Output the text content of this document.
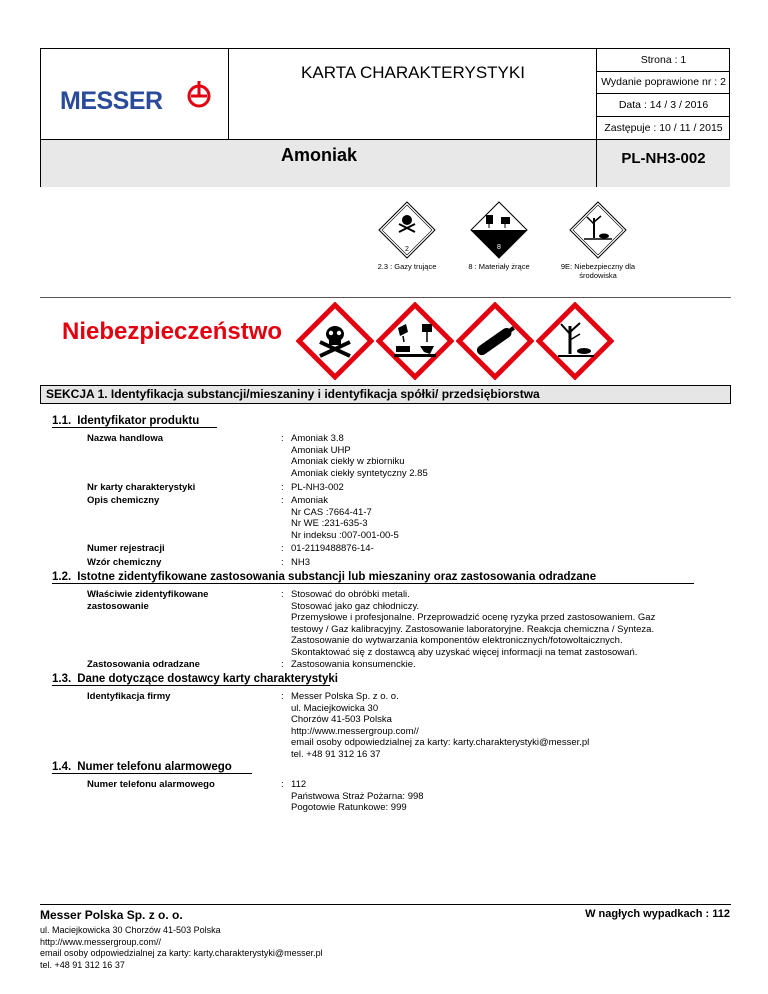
Strona : 1
Wydanie poprawione nr : 2
Data : 14 / 3 / 2016
Zastępuje : 10 / 11 / 2015
MESSER
KARTA CHARAKTERYSTYKI
Amoniak	PL-NH3-002
2
2.3 : Gazy trujące
8
8 : Materiały żrące	9E: Niebezpieczny dla środowiska
Niebezpieczeństwo
SEKCJA 1. Identyfikacja substancji/mieszaniny i identyfikacja spółki/ przedsiębiorstwa
1.1. Identyfikator produktu
Nazwa handlowa	: Amoniak 3.8
Amoniak UHP
Amoniak ciekły w zbiorniku
Amoniak ciekły syntetyczny 2.85
Nr karty charakterystyki	: PL-NH3-002
Opis chemiczny	: Amoniak
Nr CAS :7664-41-7
Nr WE :231-635-3
Nr indeksu :007-001-00-5
Numer rejestracji	: 01-2119488876-14-
Wzór chemiczny	: NH3
1.2. Istotne zidentyfikowane zastosowania substancji lub mieszaniny oraz zastosowania odradzane
Właściwie zidentyfikowane
zastosowanie
: Stosować do obróbki metali.
Stosować jako gaz chłodniczy.
Przemysłowe i profesjonalne. Przeprowadzić ocenę ryzyka przed zastosowaniem. Gaz
testowy / Gaz kalibracyjny. Zastosowanie laboratoryjne. Reakcja chemiczna / Synteza.
Zastosowanie do wytwarzania komponentów elektronicznych/fotowoltaicznych.
Skontaktować się z dostawcą aby uzyskać więcej informacji na temat zastosowań.
Zastosowania odradzane	: Zastosowania konsumenckie.
1.3. Dane dotyczące dostawcy karty charakterystyki
Identyfikacja firmy	: Messer Polska Sp. z o. o.
ul. Maciejkowicka 30
Chorzów 41-503 Polska
http://www.messergroup.com//
email osoby odpowiedzialnej za karty: karty.charakterystyki@messer.pl
tel. +48 91 312 16 37
1.4. Numer telefonu alarmowego
Numer telefonu alarmowego	: 112
Państwowa Straż Pożarna: 998
Pogotowie Ratunkowe: 999
Messer Polska Sp. z o. o.	W nagłych wypadkach : 112
ul. Maciejkowicka 30 Chorzów 41-503 Polska
http://www.messergroup.com//
email osoby odpowiedzialnej za karty: karty.charakterystyki@messer.pl
tel. +48 91 312 16 37
